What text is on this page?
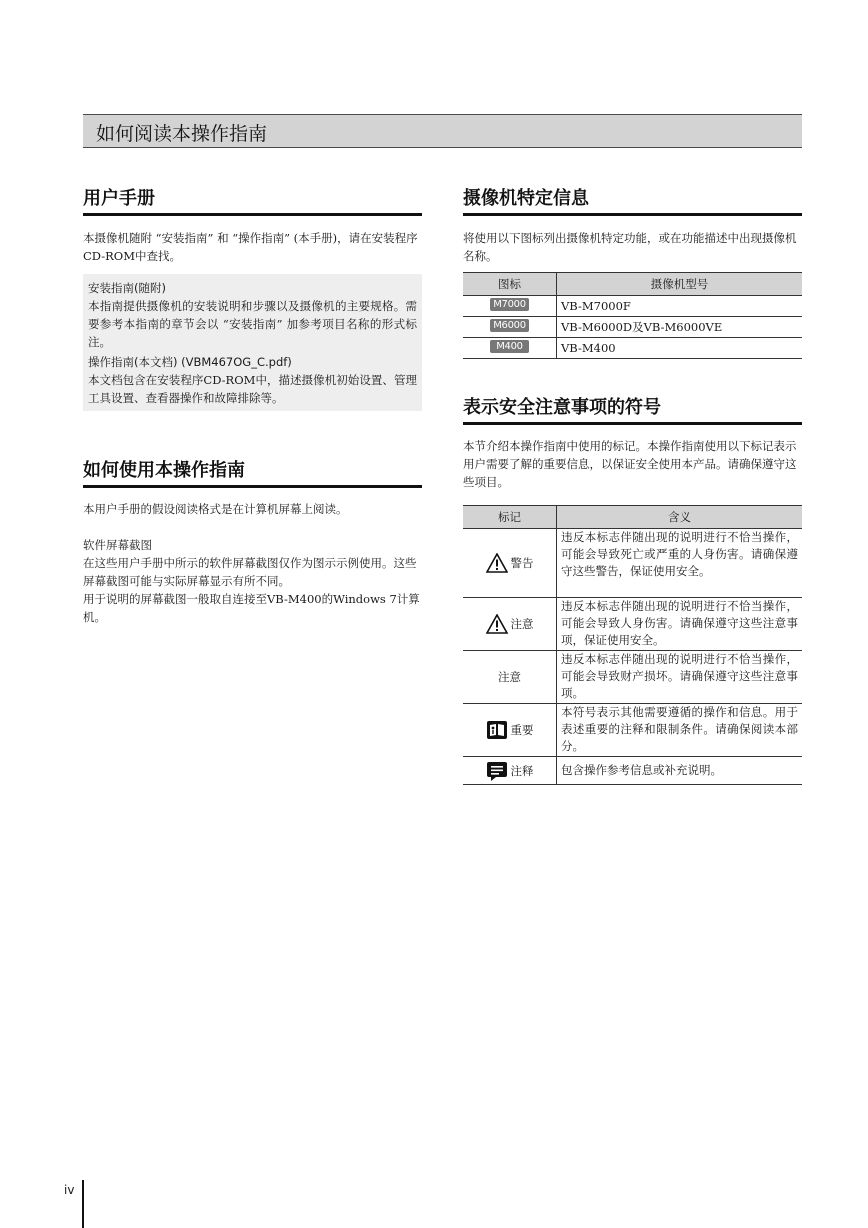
如何阅读本操作指南
用户手册

本摄像机随附 “安装指南” 和 “操作指南” (本手册)，请在安装程序CD-ROM中查找。

安装指南(随附)
本指南提供摄像机的安装说明和步骤以及摄像机的主要规格。需要参考本指南的章节会以 “安装指南” 加参考项目名称的形式标注。
操作指南(本文档) (VBM467OG_C.pdf)
本文档包含在安装程序CD-ROM中，描述摄像机初始设置、管理工具设置、查看器操作和故障排除等。
如何使用本操作指南

本用户手册的假设阅读格式是在计算机屏幕上阅读。

软件屏幕截图

在这些用户手册中所示的软件屏幕截图仅作为图示示例使用。这些屏幕截图可能与实际屏幕显示有所不同。

用于说明的屏幕截图一般取自连接至VB-M400的Windows 7计算机。

摄像机特定信息

将使用以下图标列出摄像机特定功能，或在功能描述中出现摄像机名称。

图标	摄像机型号
M7000	VB-M7000F
M6000	VB-M6000D及VB-M6000VE
M400	VB-M400
表示安全注意事项的符号

本节介绍本操作指南中使用的标记。本操作指南使用以下标记表示用户需要了解的重要信息，以保证安全使用本产品。请确保遵守这些项目。

标记	含义

警告	违反本标志伴随出现的说明进行不恰当操作，可能会导致死亡或严重的人身伤害。请确保遵守这些警告，保证使用安全。

注意	违反本标志伴随出现的说明进行不恰当操作，可能会导致人身伤害。请确保遵守这些注意事项，保证使用安全。
注意	违反本标志伴随出现的说明进行不恰当操作，可能会导致财产损坏。请确保遵守这些注意事项。

重要	本符号表示其他需要遵循的操作和信息。用于表述重要的注释和限制条件。请确保阅读本部分。

注释	包含操作参考信息或补充说明。
iv
